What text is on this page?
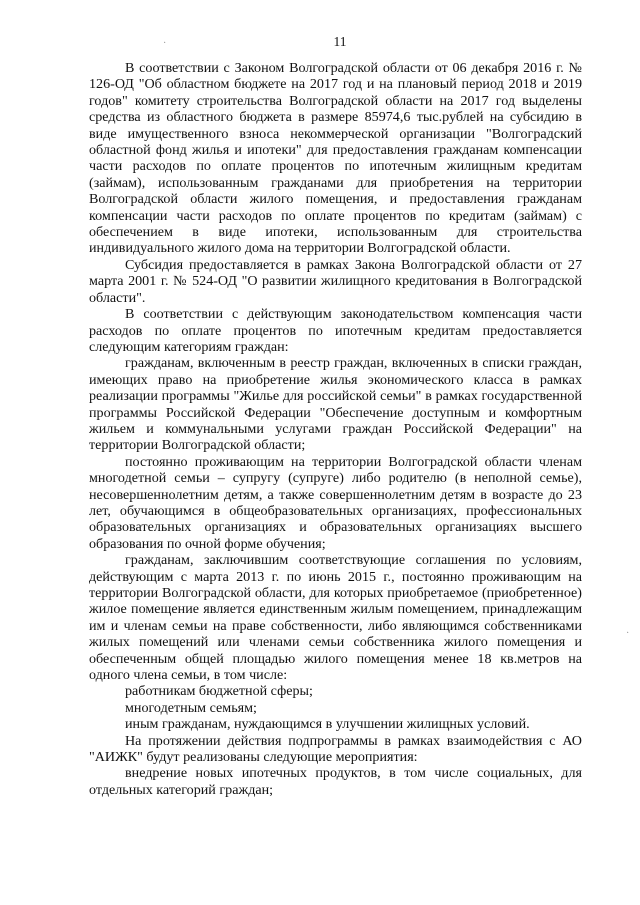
11
·
·

В соответствии с Законом Волгоградской области от 06 декабря 2016 г. № 126-ОД "Об областном бюджете на 2017 год и на плановый период 2018 и 2019 годов" комитету строительства Волгоградской области на 2017 год выделены средства из областного бюджета в размере 85974,6 тыс.рублей на субсидию в виде имущественного взноса некоммерческой организации "Волгоградский областной фонд жилья и ипотеки" для предоставления гражданам компенсации части расходов по оплате процентов по ипотечным жилищным кредитам (займам), использованным гражданами для приобретения на территории Волгоградской области жилого помещения, и предоставления гражданам компенсации части расходов по оплате процентов по кредитам (займам) с обеспечением в виде ипотеки, использованным для строительства индивидуального жилого дома на территории Волгоградской области.

Субсидия предоставляется в рамках Закона Волгоградской области от 27 марта 2001 г. № 524-ОД "О развитии жилищного кредитования в Волгоградской области".

В соответствии с действующим законодательством компенсация части расходов по оплате процентов по ипотечным кредитам предоставляется следующим категориям граждан:

гражданам, включенным в реестр граждан, включенных в списки граждан, имеющих право на приобретение жилья экономического класса в рамках реализации программы "Жилье для российской семьи" в рамках государственной программы Российской Федерации "Обеспечение доступным и комфортным жильем и коммунальными услугами граждан Российской Федерации" на территории Волгоградской области;

постоянно проживающим на территории Волгоградской области членам многодетной семьи – супругу (супруге) либо родителю (в неполной семье), несовершеннолетним детям, а также совершеннолетним детям в возрасте до 23 лет, обучающимся в общеобразовательных организациях, профессиональных образовательных организациях и образовательных организациях высшего образования по очной форме обучения;

гражданам, заключившим соответствующие соглашения по условиям, действующим с марта 2013 г. по июнь 2015 г., постоянно проживающим на территории Волгоградской области, для которых приобретаемое (приобретенное) жилое помещение является единственным жилым помещением, принадлежащим им и членам семьи на праве собственности, либо являющимся собственниками жилых помещений или членами семьи собственника жилого помещения и обеспеченным общей площадью жилого помещения менее 18 кв.метров на одного члена семьи, в том числе:

работникам бюджетной сферы;

многодетным семьям;

иным гражданам, нуждающимся в улучшении жилищных условий.

На протяжении действия подпрограммы в рамках взаимодействия с АО "АИЖК" будут реализованы следующие мероприятия:

внедрение новых ипотечных продуктов, в том числе социальных, для отдельных категорий граждан;
